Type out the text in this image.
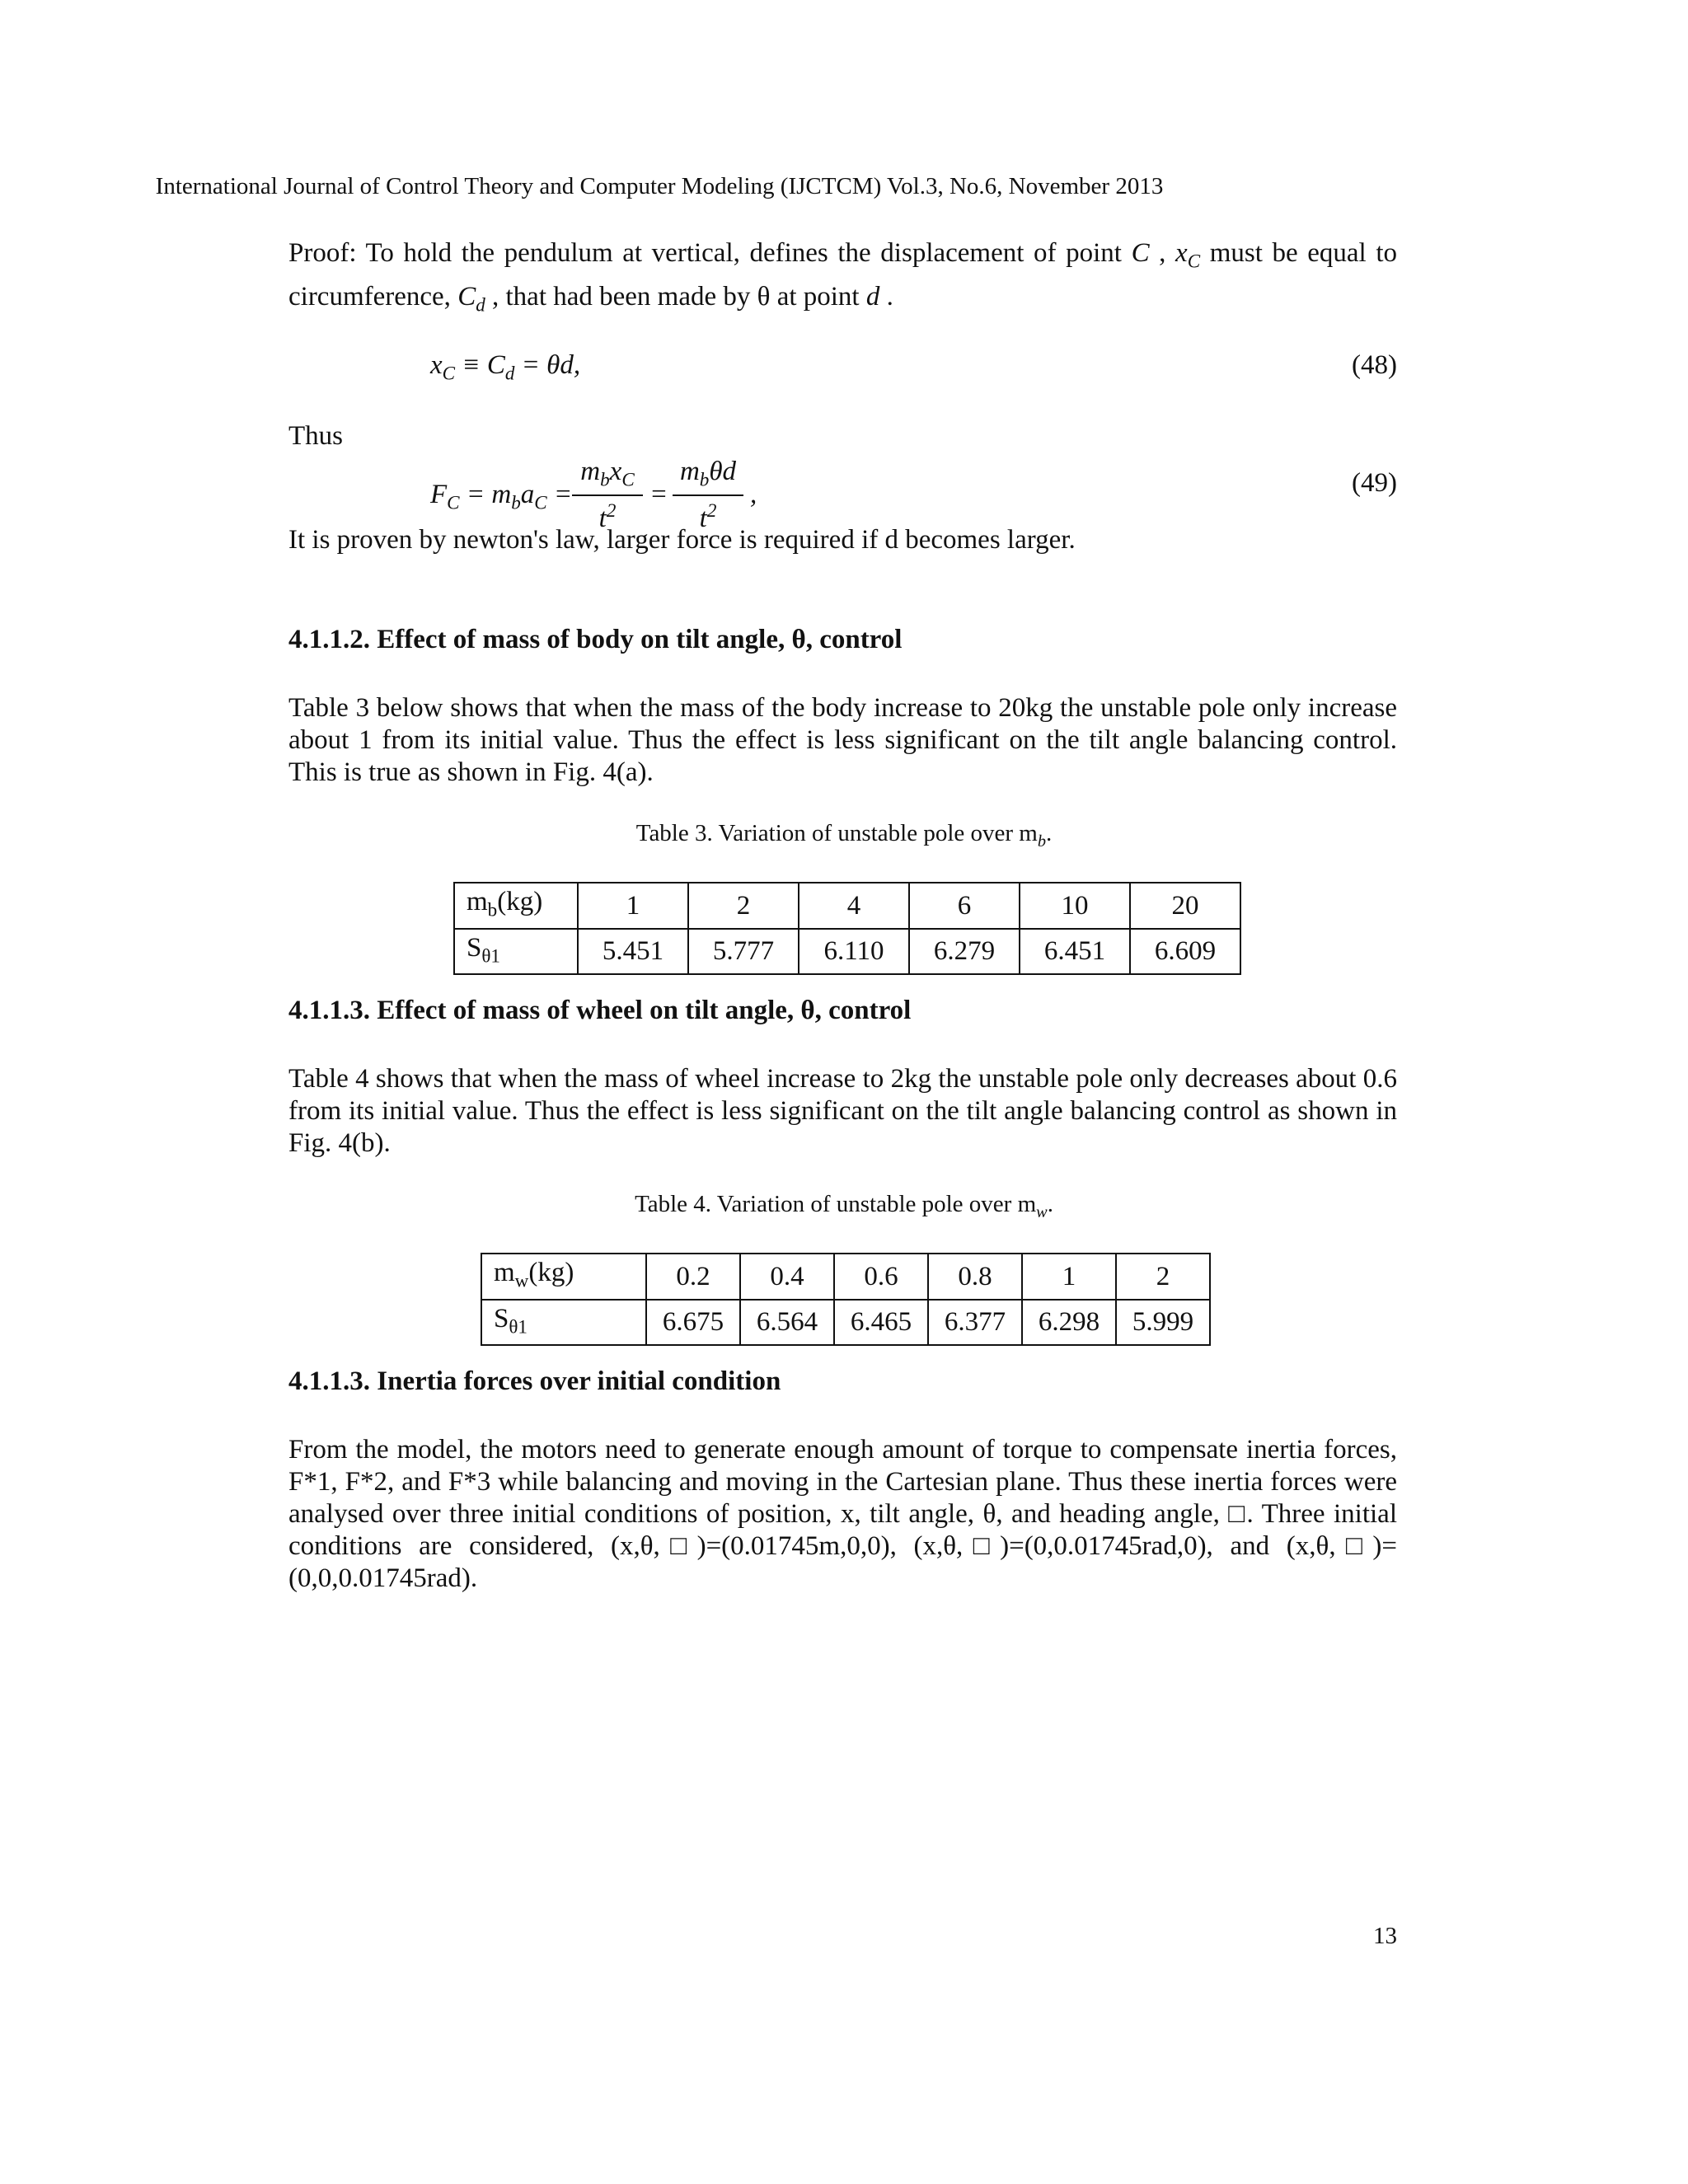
International Journal of Control Theory and Computer Modeling (IJCTCM) Vol.3, No.6, November 2013
Proof: To hold the pendulum at vertical, defines the displacement of point C , $x_C$ must be equal to
circumference, $C_d$ , that had been made by θ at point d .
$x_C \equiv C_d = \theta d$,	(48)
Thus
$F_C = m_ba_C$ =
$m_bx_C$
$t^2$
=
$m_b\theta d$
$t^2$
,	(49)
It is proven by newton's law, larger force is required if d becomes larger.
4.1.1.2. Effect of mass of body on tilt angle, θ, control
Table 3 below shows that when the mass of the body increase to 20kg the unstable pole only increase about 1 from its initial value. Thus the effect is less significant on the tilt angle balancing control. This is true as shown in Fig. 4(a).
Table 3. Variation of unstable pole over $m_b$.
$m_b(kg)$	1	2	4	6	10	20
$S_{\theta 1}$	5.451	5.777	6.110	6.279	6.451	6.609
4.1.1.3. Effect of mass of wheel on tilt angle, θ, control
Table 4 shows that when the mass of wheel increase to 2kg the unstable pole only decreases about 0.6 from its initial value. Thus the effect is less significant on the tilt angle balancing control as shown in Fig. 4(b).
Table 4. Variation of unstable pole over $m_w$.
$m_w(kg)$	0.2	0.4	0.6	0.8	1	2
$S_{\theta 1}$	6.675	6.564	6.465	6.377	6.298	5.999
4.1.1.3. Inertia forces over initial condition
From the model, the motors need to generate enough amount of torque to compensate inertia forces, F*1, F*2, and F*3 while balancing and moving in the Cartesian plane. Thus these inertia forces were analysed over three initial conditions of position, x, tilt angle, θ, and heading angle, □. Three initial conditions are considered, (x,θ,□)=(0.01745m,0,0), (x,θ,□)=(0,0.01745rad,0), and (x,θ,□)=(0,0,0.01745rad).
13
